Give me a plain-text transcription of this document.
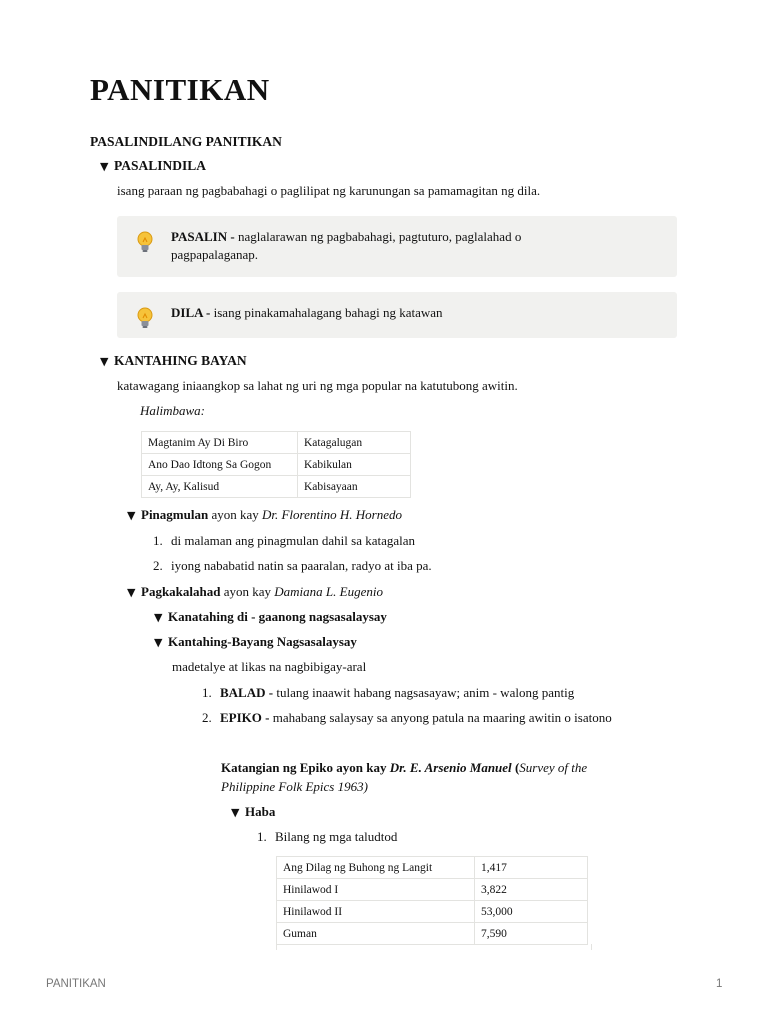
PANITIKAN
PASALINDILANG PANITIKAN
▼ PASALINDILA
isang paraan ng pagbabahagi o paglilipat ng karunungan sa pamamagitan ng dila.
PASALIN - naglalarawan ng pagbabahagi, pagtuturo, paglalahad o
pagpapalaganap.
DILA - isang pinakamahalagang bahagi ng katawan
▼ KANTAHING BAYAN
katawagang iniaangkop sa lahat ng uri ng mga popular na katutubong awitin.
Halimbawa:
Magtanim Ay Di Biro	Katagalugan
Ano Dao Idtong Sa Gogon	Kabikulan
Ay, Ay, Kalisud	Kabisayaan
▼ Pinagmulan ayon kay Dr. Florentino H. Hornedo
1. di malaman ang pinagmulan dahil sa katagalan
2. iyong nababatid natin sa paaralan, radyo at iba pa.
▼ Pagkakalahad ayon kay Damiana L. Eugenio
▼ Kanatahing di - gaanong nagsasalaysay
▼ Kantahing-Bayang Nagsasalaysay
madetalye at likas na nagbibigay-aral
1. BALAD - tulang inaawit habang nagsasayaw; anim - walong pantig
2. EPIKO - mahabang salaysay sa anyong patula na maaring awitin o isatono
Katangian ng Epiko ayon kay Dr. E. Arsenio Manuel (Survey of the
Philippine Folk Epics 1963)
▼ Haba
1. Bilang ng mga taludtod
Ang Dilag ng Buhong ng Langit	1,417
Hinilawod I	3,822
Hinilawod II	53,000
Guman	7,590
PANITIKAN	1
